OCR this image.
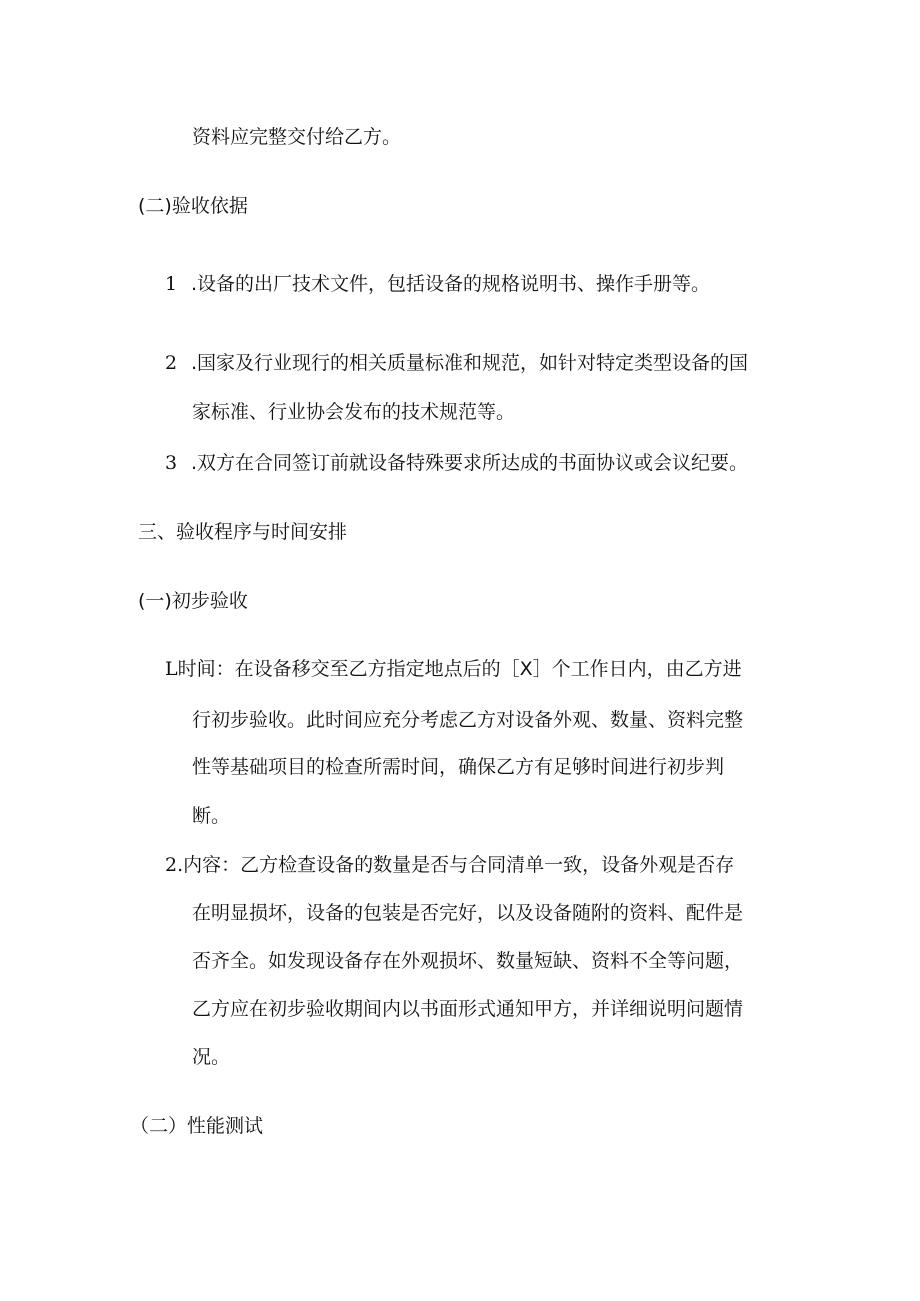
资料应完整交付给乙方。

(二)验收依据

1 .设备的出厂技术文件，包括设备的规格说明书、操作手册等。

2 .国家及行业现行的相关质量标准和规范，如针对特定类型设备的国

家标准、行业协会发布的技术规范等。

3 .双方在合同签订前就设备特殊要求所达成的书面协议或会议纪要。

三、验收程序与时间安排

(一)初步验收

L时间：在设备移交至乙方指定地点后的［X］个工作日内，由乙方进

行初步验收。此时间应充分考虑乙方对设备外观、数量、资料完整

性等基础项目的检查所需时间，确保乙方有足够时间进行初步判

断。

2.内容：乙方检查设备的数量是否与合同清单一致，设备外观是否存

在明显损坏，设备的包装是否完好，以及设备随附的资料、配件是

否齐全。如发现设备存在外观损坏、数量短缺、资料不全等问题，

乙方应在初步验收期间内以书面形式通知甲方，并详细说明问题情

况。

（二）性能测试
